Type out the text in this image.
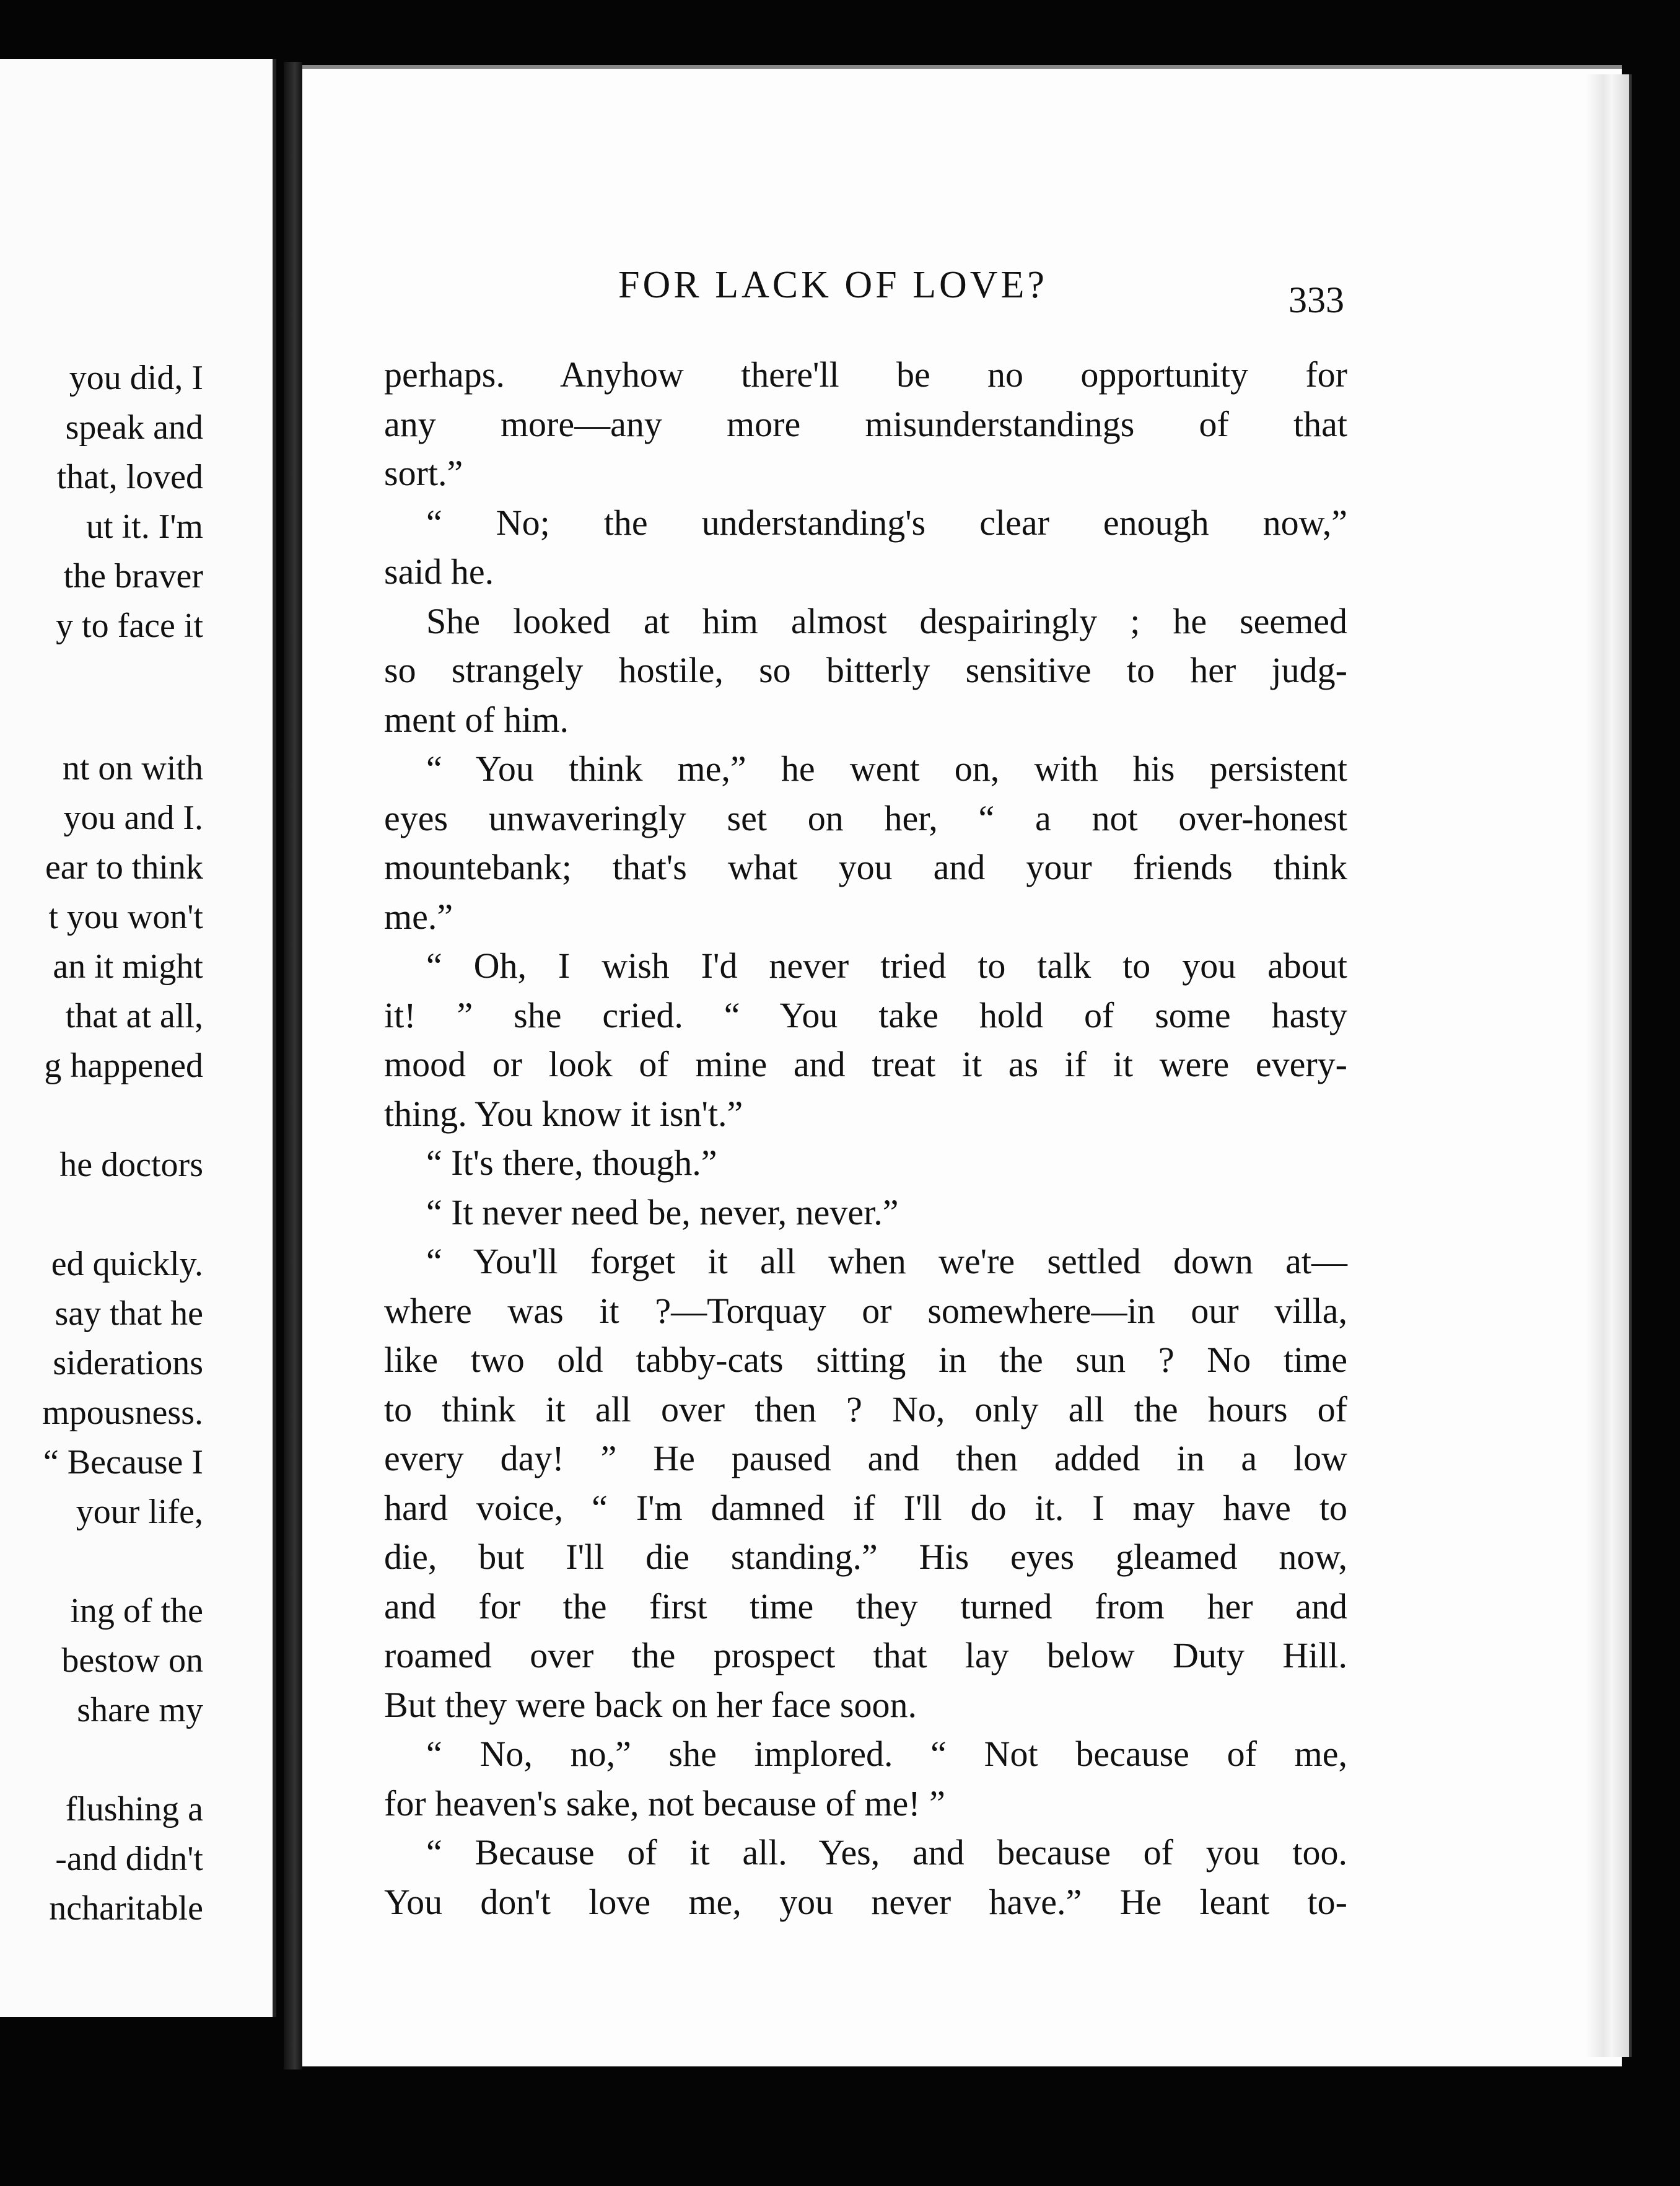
you did, I
speak and
that, loved
ut it. I'm
the braver
y to face it
nt on with
you and I.
ear to think
t you won't
an it might
that at all,
g happened
he doctors
ed quickly.
say that he
siderations
mpousness.
“ Because I
your life,
ing of the
bestow on
share my
flushing a
-and didn't
ncharitable
FOR LACK OF LOVE?	333
perhaps. Anyhow there'll be no opportunity for
any more—any more misunderstandings of that
sort.”
“ No; the understanding's clear enough now,”
said he.
She looked at him almost despairingly ; he seemed
so strangely hostile, so bitterly sensitive to her judg-
ment of him.
“ You think me,” he went on, with his persistent
eyes unwaveringly set on her, “ a not over-honest
mountebank; that's what you and your friends think
me.”
“ Oh, I wish I'd never tried to talk to you about
it! ” she cried. “ You take hold of some hasty
mood or look of mine and treat it as if it were every-
thing. You know it isn't.”
“ It's there, though.”
“ It never need be, never, never.”
“ You'll forget it all when we're settled down at—
where was it ?—Torquay or somewhere—in our villa,
like two old tabby-cats sitting in the sun ? No time
to think it all over then ? No, only all the hours of
every day! ” He paused and then added in a low
hard voice, “ I'm damned if I'll do it. I may have to
die, but I'll die standing.” His eyes gleamed now,
and for the first time they turned from her and
roamed over the prospect that lay below Duty Hill.
But they were back on her face soon.
“ No, no,” she implored. “ Not because of me,
for heaven's sake, not because of me! ”
“ Because of it all. Yes, and because of you too.
You don't love me, you never have.” He leant to-
